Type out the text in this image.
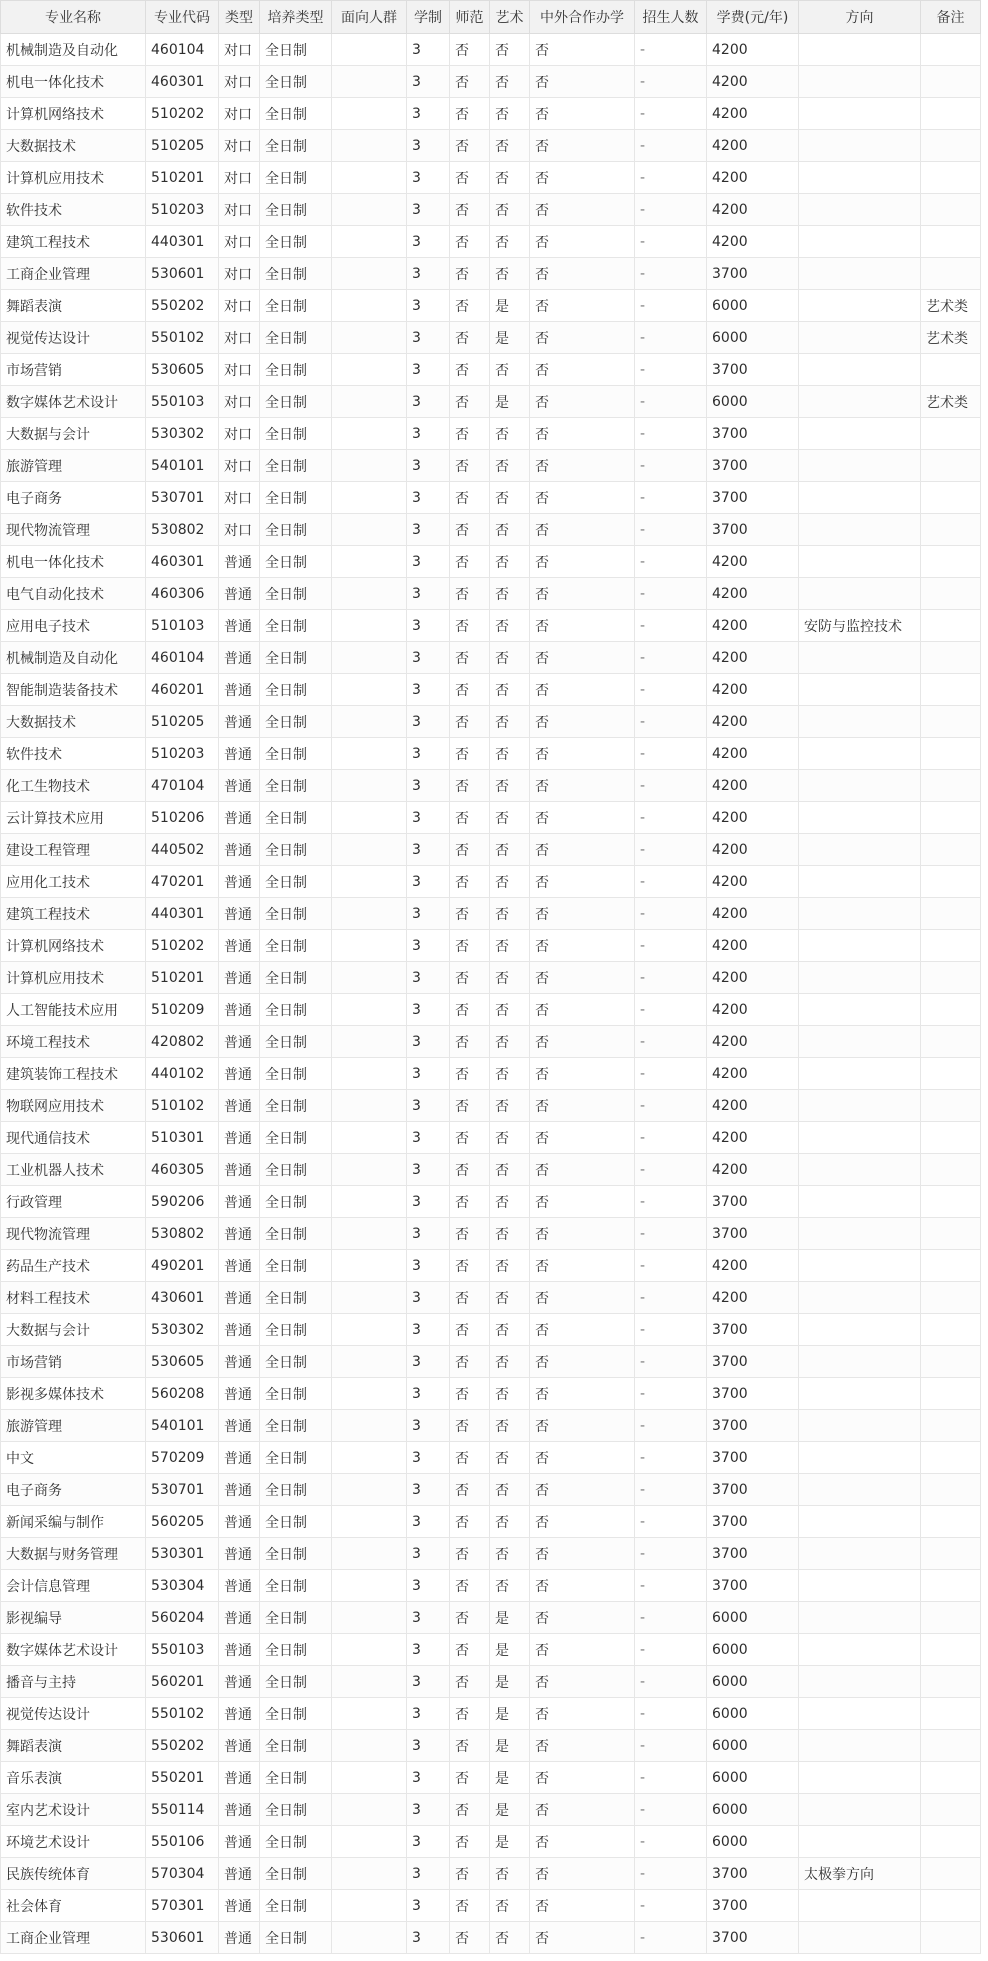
专业名称	专业代码	类型	培养类型	面向人群	学制	师范	艺术	中外合作办学	招生人数	学费(元/年)	方向	备注
机械制造及自动化	460104	对口	全日制		3	否	否	否	-	4200		
机电一体化技术	460301	对口	全日制		3	否	否	否	-	4200		
计算机网络技术	510202	对口	全日制		3	否	否	否	-	4200		
大数据技术	510205	对口	全日制		3	否	否	否	-	4200		
计算机应用技术	510201	对口	全日制		3	否	否	否	-	4200		
软件技术	510203	对口	全日制		3	否	否	否	-	4200		
建筑工程技术	440301	对口	全日制		3	否	否	否	-	4200		
工商企业管理	530601	对口	全日制		3	否	否	否	-	3700		
舞蹈表演	550202	对口	全日制		3	否	是	否	-	6000		艺术类
视觉传达设计	550102	对口	全日制		3	否	是	否	-	6000		艺术类
市场营销	530605	对口	全日制		3	否	否	否	-	3700		
数字媒体艺术设计	550103	对口	全日制		3	否	是	否	-	6000		艺术类
大数据与会计	530302	对口	全日制		3	否	否	否	-	3700		
旅游管理	540101	对口	全日制		3	否	否	否	-	3700		
电子商务	530701	对口	全日制		3	否	否	否	-	3700		
现代物流管理	530802	对口	全日制		3	否	否	否	-	3700		
机电一体化技术	460301	普通	全日制		3	否	否	否	-	4200		
电气自动化技术	460306	普通	全日制		3	否	否	否	-	4200		
应用电子技术	510103	普通	全日制		3	否	否	否	-	4200	安防与监控技术	
机械制造及自动化	460104	普通	全日制		3	否	否	否	-	4200		
智能制造装备技术	460201	普通	全日制		3	否	否	否	-	4200		
大数据技术	510205	普通	全日制		3	否	否	否	-	4200		
软件技术	510203	普通	全日制		3	否	否	否	-	4200		
化工生物技术	470104	普通	全日制		3	否	否	否	-	4200		
云计算技术应用	510206	普通	全日制		3	否	否	否	-	4200		
建设工程管理	440502	普通	全日制		3	否	否	否	-	4200		
应用化工技术	470201	普通	全日制		3	否	否	否	-	4200		
建筑工程技术	440301	普通	全日制		3	否	否	否	-	4200		
计算机网络技术	510202	普通	全日制		3	否	否	否	-	4200		
计算机应用技术	510201	普通	全日制		3	否	否	否	-	4200		
人工智能技术应用	510209	普通	全日制		3	否	否	否	-	4200		
环境工程技术	420802	普通	全日制		3	否	否	否	-	4200		
建筑装饰工程技术	440102	普通	全日制		3	否	否	否	-	4200		
物联网应用技术	510102	普通	全日制		3	否	否	否	-	4200		
现代通信技术	510301	普通	全日制		3	否	否	否	-	4200		
工业机器人技术	460305	普通	全日制		3	否	否	否	-	4200		
行政管理	590206	普通	全日制		3	否	否	否	-	3700		
现代物流管理	530802	普通	全日制		3	否	否	否	-	3700		
药品生产技术	490201	普通	全日制		3	否	否	否	-	4200		
材料工程技术	430601	普通	全日制		3	否	否	否	-	4200		
大数据与会计	530302	普通	全日制		3	否	否	否	-	3700		
市场营销	530605	普通	全日制		3	否	否	否	-	3700		
影视多媒体技术	560208	普通	全日制		3	否	否	否	-	3700		
旅游管理	540101	普通	全日制		3	否	否	否	-	3700		
中文	570209	普通	全日制		3	否	否	否	-	3700		
电子商务	530701	普通	全日制		3	否	否	否	-	3700		
新闻采编与制作	560205	普通	全日制		3	否	否	否	-	3700		
大数据与财务管理	530301	普通	全日制		3	否	否	否	-	3700		
会计信息管理	530304	普通	全日制		3	否	否	否	-	3700		
影视编导	560204	普通	全日制		3	否	是	否	-	6000		
数字媒体艺术设计	550103	普通	全日制		3	否	是	否	-	6000		
播音与主持	560201	普通	全日制		3	否	是	否	-	6000		
视觉传达设计	550102	普通	全日制		3	否	是	否	-	6000		
舞蹈表演	550202	普通	全日制		3	否	是	否	-	6000		
音乐表演	550201	普通	全日制		3	否	是	否	-	6000		
室内艺术设计	550114	普通	全日制		3	否	是	否	-	6000		
环境艺术设计	550106	普通	全日制		3	否	是	否	-	6000		
民族传统体育	570304	普通	全日制		3	否	否	否	-	3700	太极拳方向	
社会体育	570301	普通	全日制		3	否	否	否	-	3700		
工商企业管理	530601	普通	全日制		3	否	否	否	-	3700		
